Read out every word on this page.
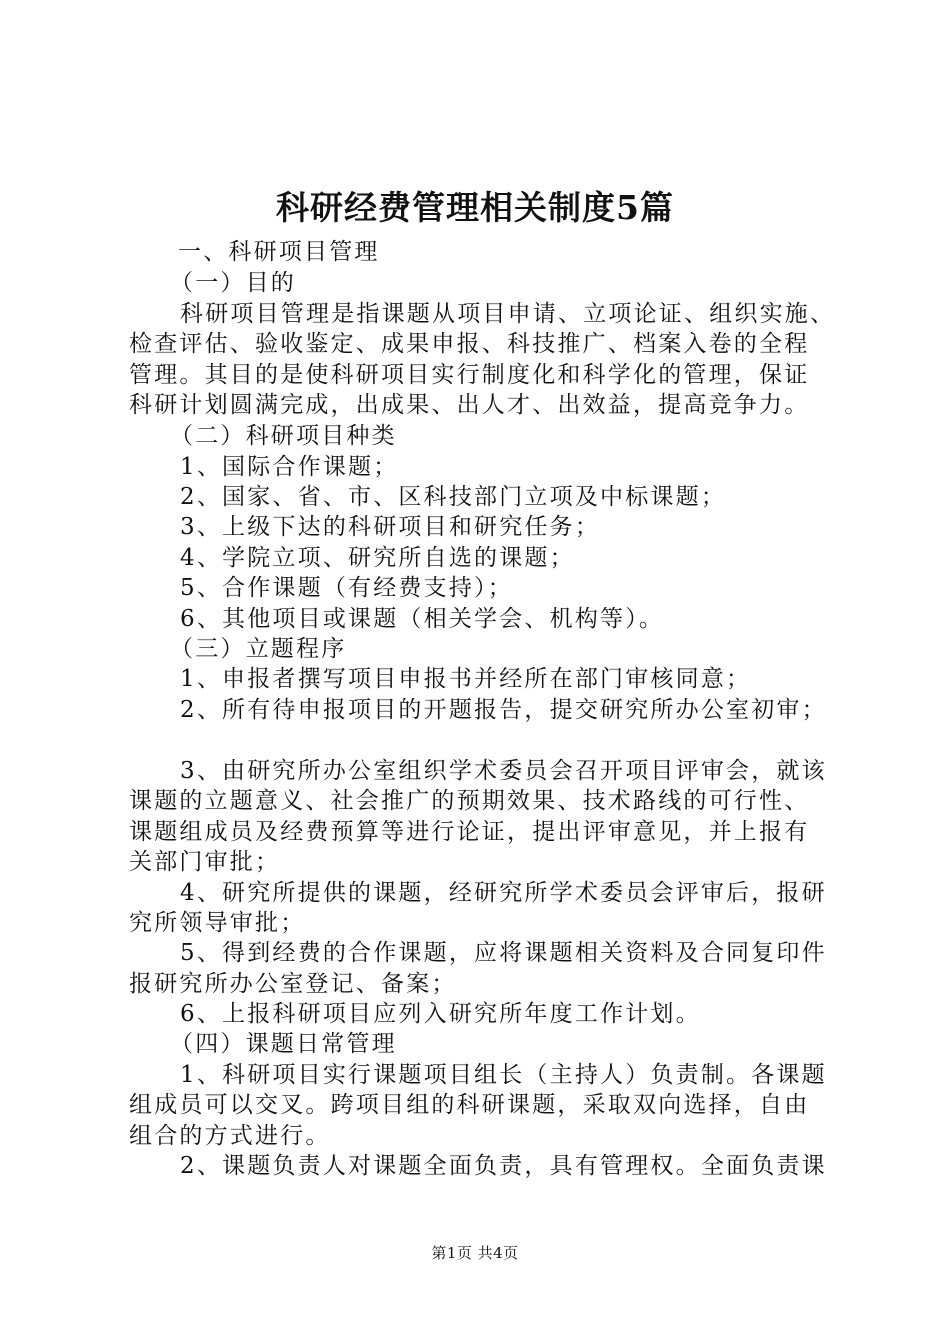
科研经费管理相关制度5篇
一、科研项目管理
（一）目的
科研项目管理是指课题从项目申请、立项论证、组织实施、
检查评估、验收鉴定、成果申报、科技推广、档案入卷的全程
管理。其目的是使科研项目实行制度化和科学化的管理，保证
科研计划圆满完成，出成果、出人才、出效益，提高竞争力。
（二）科研项目种类
1、国际合作课题；
2、国家、省、市、区科技部门立项及中标课题；
3、上级下达的科研项目和研究任务；
4、学院立项、研究所自选的课题；
5、合作课题（有经费支持）；
6、其他项目或课题（相关学会、机构等）。
（三）立题程序
1、申报者撰写项目申报书并经所在部门审核同意；
2、所有待申报项目的开题报告，提交研究所办公室初审；
3、由研究所办公室组织学术委员会召开项目评审会，就该
课题的立题意义、社会推广的预期效果、技术路线的可行性、
课题组成员及经费预算等进行论证，提出评审意见，并上报有
关部门审批；
4、研究所提供的课题，经研究所学术委员会评审后，报研
究所领导审批；
5、得到经费的合作课题，应将课题相关资料及合同复印件
报研究所办公室登记、备案；
6、上报科研项目应列入研究所年度工作计划。
（四）课题日常管理
1、科研项目实行课题项目组长（主持人）负责制。各课题
组成员可以交叉。跨项目组的科研课题，采取双向选择，自由
组合的方式进行。
2、课题负责人对课题全面负责，具有管理权。全面负责课
第1页 共4页
